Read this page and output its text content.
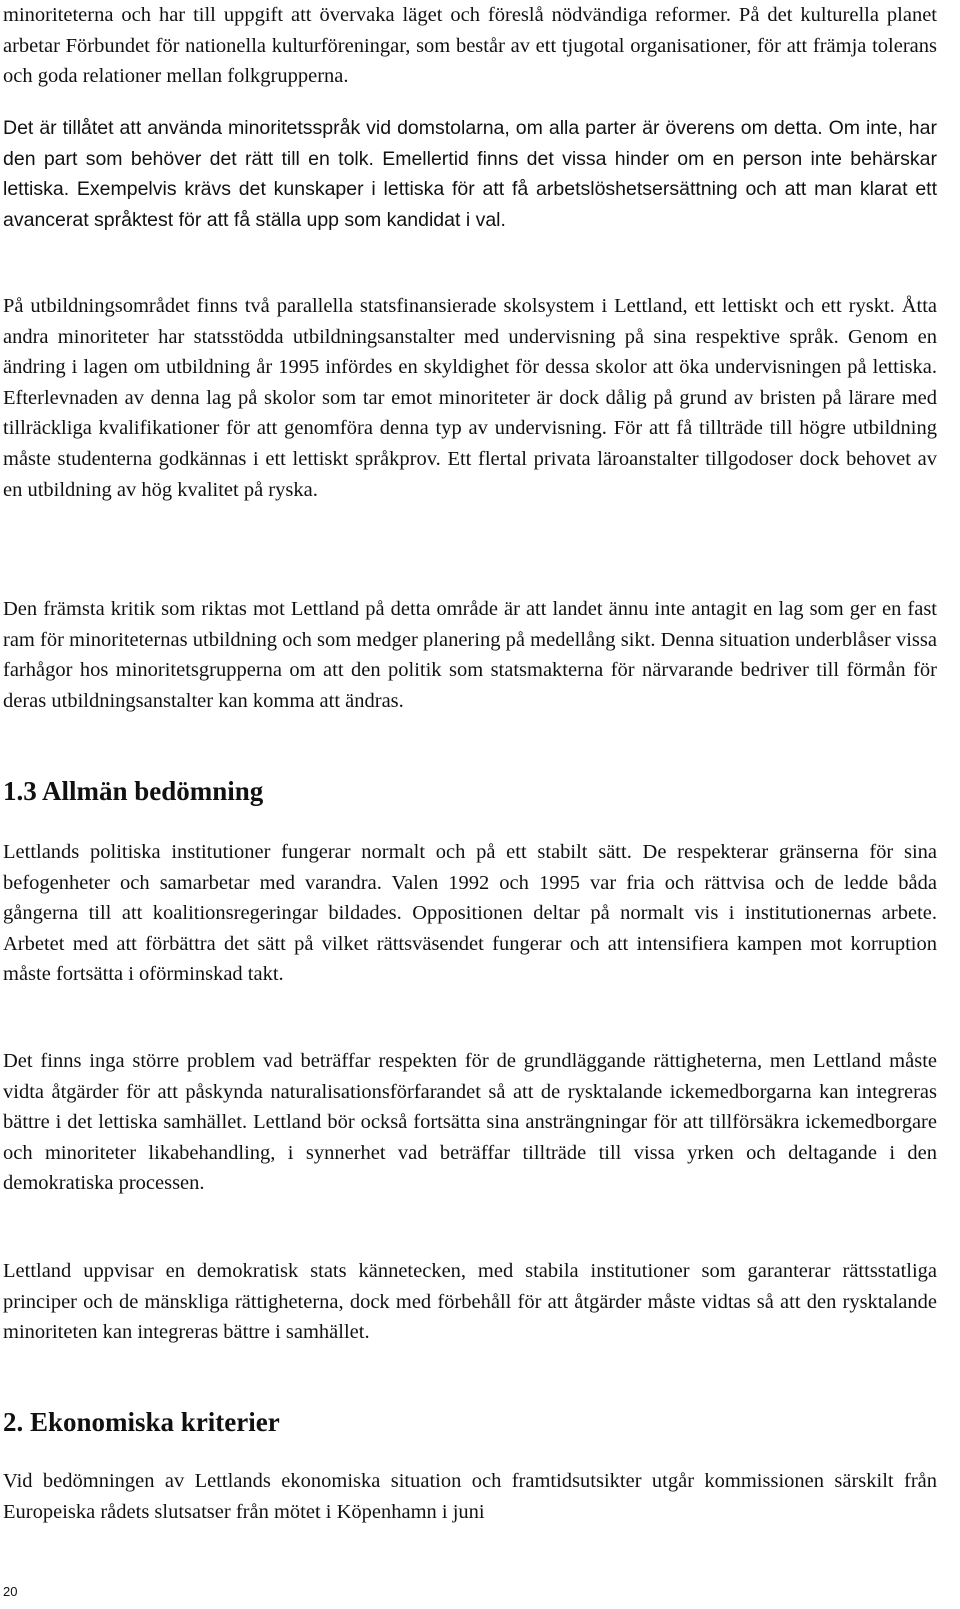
minoriteterna och har till uppgift att övervaka läget och föreslå nödvändiga reformer. På det kulturella planet arbetar Förbundet för nationella kulturföreningar, som består av ett tjugotal organisationer, för att främja tolerans och goda relationer mellan folkgrupperna.

Det är tillåtet att använda minoritetsspråk vid domstolarna, om alla parter är överens om detta. Om inte, har den part som behöver det rätt till en tolk. Emellertid finns det vissa hinder om en person inte behärskar lettiska. Exempelvis krävs det kunskaper i lettiska för att få arbetslöshetsersättning och att man klarat ett avancerat språktest för att få ställa upp som kandidat i val.

På utbildningsområdet finns två parallella statsfinansierade skolsystem i Lettland, ett lettiskt och ett ryskt. Åtta andra minoriteter har statsstödda utbildningsanstalter med undervisning på sina respektive språk. Genom en ändring i lagen om utbildning år 1995 infördes en skyldighet för dessa skolor att öka undervisningen på lettiska. Efterlevnaden av denna lag på skolor som tar emot minoriteter är dock dålig på grund av bristen på lärare med tillräckliga kvalifikationer för att genomföra denna typ av undervisning. För att få tillträde till högre utbildning måste studenterna godkännas i ett lettiskt språkprov. Ett flertal privata läroanstalter tillgodoser dock behovet av en utbildning av hög kvalitet på ryska.

Den främsta kritik som riktas mot Lettland på detta område är att landet ännu inte antagit en lag som ger en fast ram för minoriteternas utbildning och som medger planering på medellång sikt. Denna situation underblåser vissa farhågor hos minoritetsgrupperna om att den politik som statsmakterna för närvarande bedriver till förmån för deras utbildningsanstalter kan komma att ändras.

1.3 Allmän bedömning

Lettlands politiska institutioner fungerar normalt och på ett stabilt sätt. De respekterar gränserna för sina befogenheter och samarbetar med varandra. Valen 1992 och 1995 var fria och rättvisa och de ledde båda gångerna till att koalitionsregeringar bildades. Oppositionen deltar på normalt vis i institutionernas arbete. Arbetet med att förbättra det sätt på vilket rättsväsendet fungerar och att intensifiera kampen mot korruption måste fortsätta i oförminskad takt.

Det finns inga större problem vad beträffar respekten för de grundläggande rättigheterna, men Lettland måste vidta åtgärder för att påskynda naturalisationsförfarandet så att de rysktalande ickemedborgarna kan integreras bättre i det lettiska samhället. Lettland bör också fortsätta sina ansträngningar för att tillförsäkra ickemedborgare och minoriteter likabehandling, i synnerhet vad beträffar tillträde till vissa yrken och deltagande i den demokratiska processen.

Lettland uppvisar en demokratisk stats kännetecken, med stabila institutioner som garanterar rättsstatliga principer och de mänskliga rättigheterna, dock med förbehåll för att åtgärder måste vidtas så att den rysktalande minoriteten kan integreras bättre i samhället.

2. Ekonomiska kriterier

Vid bedömningen av Lettlands ekonomiska situation och framtidsutsikter utgår kommissionen särskilt från Europeiska rådets slutsatser från mötet i Köpenhamn i juni

20
